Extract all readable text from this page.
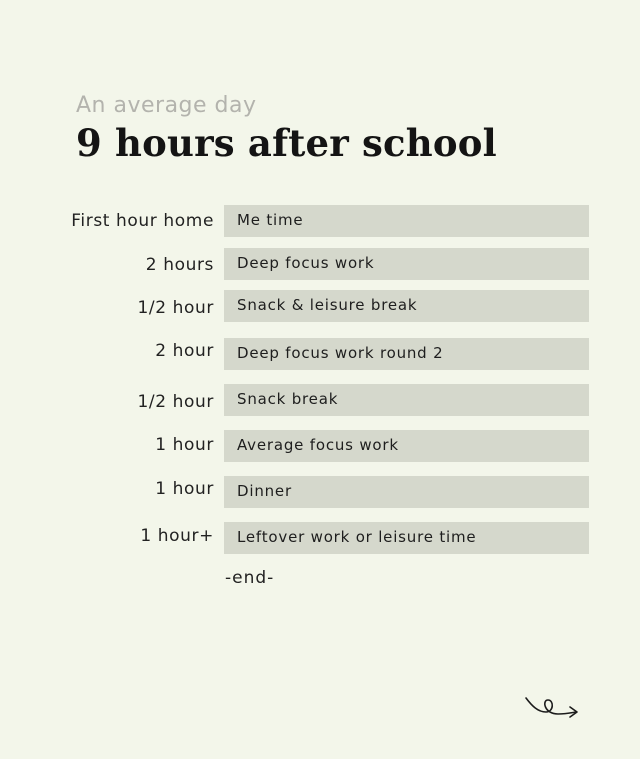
An average day
9 hours after school
First hour home	Me time
2 hours	Deep focus work
1/2 hour	Snack & leisure break
2 hour	Deep focus work round 2
1/2 hour	Snack break
1 hour	Average focus work
1 hour	Dinner
1 hour+	Leftover work or leisure time
-end-
